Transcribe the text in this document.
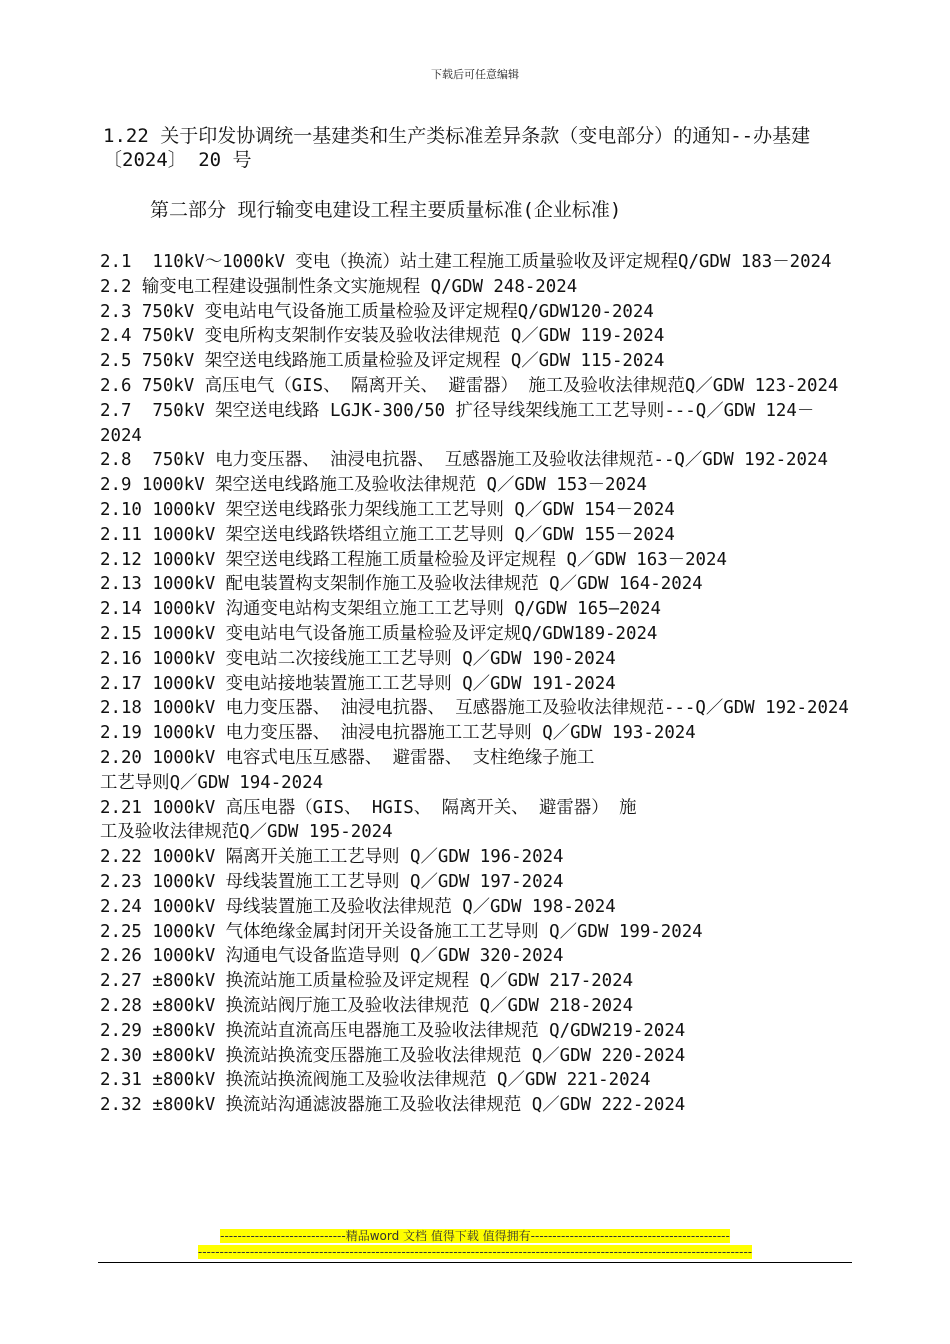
下载后可任意编辑
1.22 关于印发协调统一基建类和生产类标准差异条款（变电部分）的通知--办基建〔2024〕 20 号
第二部分 现行输变电建设工程主要质量标准(企业标准)
2.1  110kV～1000kV 变电（换流）站土建工程施工质量验收及评定规程Q/GDW 183－2024
2.2 输变电工程建设强制性条文实施规程 Q/GDW 248-2024
2.3 750kV 变电站电气设备施工质量检验及评定规程Q/GDW120-2024
2.4 750kV 变电所构支架制作安装及验收法律规范 Q／GDW 119-2024
2.5 750kV 架空送电线路施工质量检验及评定规程 Q／GDW 115-2024
2.6 750kV 高压电气（GIS、 隔离开关、 避雷器） 施工及验收法律规范Q／GDW 123-2024
2.7  750kV 架空送电线路 LGJK-300/50 扩径导线架线施工工艺导则---Q／GDW 124－2024
2.8  750kV 电力变压器、 油浸电抗器、 互感器施工及验收法律规范--Q／GDW 192-2024
2.9 1000kV 架空送电线路施工及验收法律规范 Q／GDW 153－2024
2.10 1000kV 架空送电线路张力架线施工工艺导则 Q／GDW 154－2024
2.11 1000kV 架空送电线路铁塔组立施工工艺导则 Q／GDW 155－2024
2.12 1000kV 架空送电线路工程施工质量检验及评定规程 Q／GDW 163－2024
2.13 1000kV 配电装置构支架制作施工及验收法律规范 Q／GDW 164-2024
2.14 1000kV 沟通变电站构支架组立施工工艺导则 Q/GDW 165—2024
2.15 1000kV 变电站电气设备施工质量检验及评定规Q/GDW189-2024
2.16 1000kV 变电站二次接线施工工艺导则 Q／GDW 190-2024
2.17 1000kV 变电站接地装置施工工艺导则 Q／GDW 191-2024
2.18 1000kV 电力变压器、 油浸电抗器、 互感器施工及验收法律规范---Q／GDW 192-2024
2.19 1000kV 电力变压器、 油浸电抗器施工工艺导则 Q／GDW 193-2024
2.20 1000kV 电容式电压互感器、 避雷器、 支柱绝缘子施工
工艺导则Q／GDW 194-2024
2.21 1000kV 高压电器（GIS、 HGIS、 隔离开关、 避雷器） 施
工及验收法律规范Q／GDW 195-2024
2.22 1000kV 隔离开关施工工艺导则 Q／GDW 196-2024
2.23 1000kV 母线装置施工工艺导则 Q／GDW 197-2024
2.24 1000kV 母线装置施工及验收法律规范 Q／GDW 198-2024
2.25 1000kV 气体绝缘金属封闭开关设备施工工艺导则 Q／GDW 199-2024
2.26 1000kV 沟通电气设备监造导则 Q／GDW 320-2024
2.27 ±800kV 换流站施工质量检验及评定规程 Q／GDW 217-2024
2.28 ±800kV 换流站阀厅施工及验收法律规范 Q／GDW 218-2024
2.29 ±800kV 换流站直流高压电器施工及验收法律规范 Q/GDW219-2024
2.30 ±800kV 换流站换流变压器施工及验收法律规范 Q／GDW 220-2024
2.31 ±800kV 换流站换流阀施工及验收法律规范 Q／GDW 221-2024
2.32 ±800kV 换流站沟通滤波器施工及验收法律规范 Q／GDW 222-2024
-----------------------------精品word 文档 值得下载 值得拥有----------------------------------------------
--------------------------------------------------------------------------------------------------------------------------------
